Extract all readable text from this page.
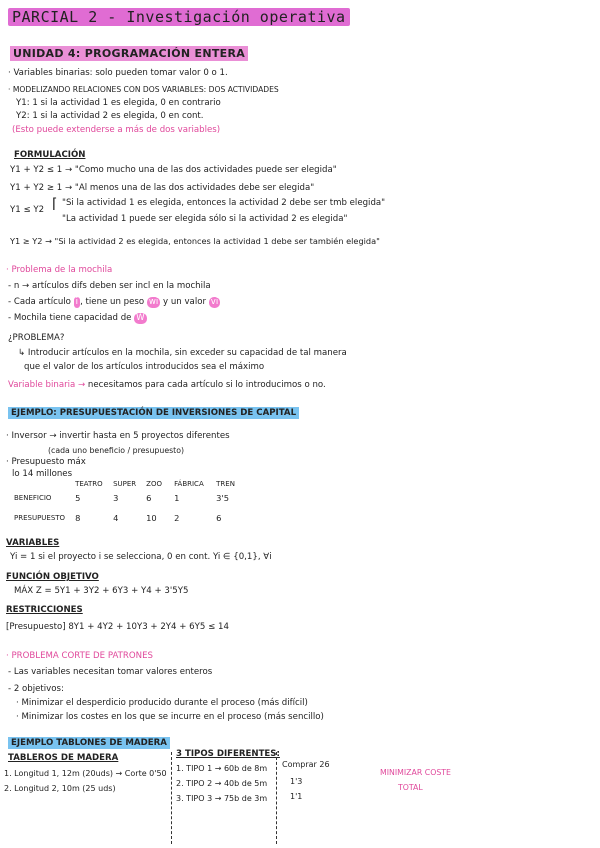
PARCIAL 2 - Investigación operativa
UNIDAD 4: PROGRAMACIÓN ENTERA
· Variables binarias: solo pueden tomar valor 0 o 1.
· MODELIZANDO RELACIONES CON DOS VARIABLES: DOS ACTIVIDADES
Y1: 1 si la actividad 1 es elegida, 0 en contrario
Y2: 1 si la actividad 2 es elegida, 0 en cont.
(Esto puede extenderse a más de dos variables)
FORMULACIÓN
Y1 + Y2 ≤ 1 → "Como mucho una de las dos actividades puede ser elegida"
Y1 + Y2 ≥ 1 → "Al menos una de las dos actividades debe ser elegida"
Y1 ≤ Y2 ⌈ "Si la actividad 1 es elegida, entonces la actividad 2 debe ser tmb elegida"
"La actividad 1 puede ser elegida sólo si la actividad 2 es elegida"
Y1 ≥ Y2 → "Si la actividad 2 es elegida, entonces la actividad 1 debe ser también elegida"
· Problema de la mochila
- n → artículos difs deben ser incl en la mochila
- Cada artículo i , tiene un peso wi y un valor vi
- Mochila tiene capacidad de W
¿PROBLEMA?
↳ Introducir artículos en la mochila, sin exceder su capacidad de tal manera
que el valor de los artículos introducidos sea el máximo
Variable binaria → necesitamos para cada artículo si lo introducimos o no.
EJEMPLO: PRESUPUESTACIÓN DE INVERSIONES DE CAPITAL
· Inversor → invertir hasta en 5 proyectos diferentes
(cada uno beneficio / presupuesto)
· Presupuesto máx
lo 14 millones
	TEATRO	SUPER	ZOO	FÁBRICA	TREN
BENEFICIO	5	3	6	1	3'5
PRESUPUESTO	8	4	10	2	6
VARIABLES
Yi = 1 si el proyecto i se selecciona, 0 en cont. Yi ∈ {0,1}, ∀i
FUNCIÓN OBJETIVO
MÁX Z = 5Y1 + 3Y2 + 6Y3 + Y4 + 3'5Y5
RESTRICCIONES
[Presupuesto] 8Y1 + 4Y2 + 10Y3 + 2Y4 + 6Y5 ≤ 14
· PROBLEMA CORTE DE PATRONES
- Las variables necesitan tomar valores enteros
- 2 objetivos:
· Minimizar el desperdicio producido durante el proceso (más difícil)
· Minimizar los costes en los que se incurre en el proceso (más sencillo)
EJEMPLO TABLONES DE MADERA
TABLEROS DE MADERA
1. Longitud 1, 12m (20uds) → Corte 0'50
2. Longitud 2, 10m (25 uds)
3 TIPOS DIFERENTES:
1. TIPO 1 → 60b de 8m
2. TIPO 2 → 40b de 5m
3. TIPO 3 → 75b de 3m
Comprar 26
1'3
1'1
MINIMIZAR COSTE
TOTAL
